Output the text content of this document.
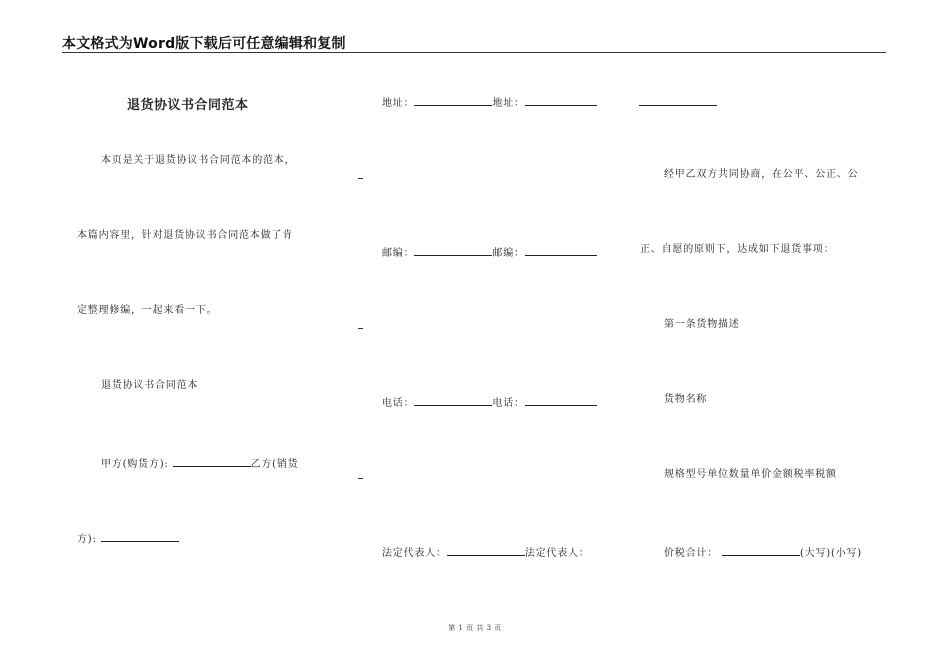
本文格式为Word版下载后可任意编辑和复制
退货协议书合同范本
本页是关于退货协议书合同范本的范本，
本篇内容里，针对退货协议书合同范本做了肯
定整理修编，一起来看一下。
退货协议书合同范本
甲方(购货方):	乙方(销货
方):
地址：	地址：
邮编：	邮编：
电话：	电话：
法定代表人：	法定代表人：
经甲乙双方共同协商，在公平、公正、公
正、自愿的原则下，达成如下退货事项：
第一条货物描述
货物名称
规格型号单位数量单价金额税率税额
价税合计：	(大写)(小写)
第 1 页 共 3 页
